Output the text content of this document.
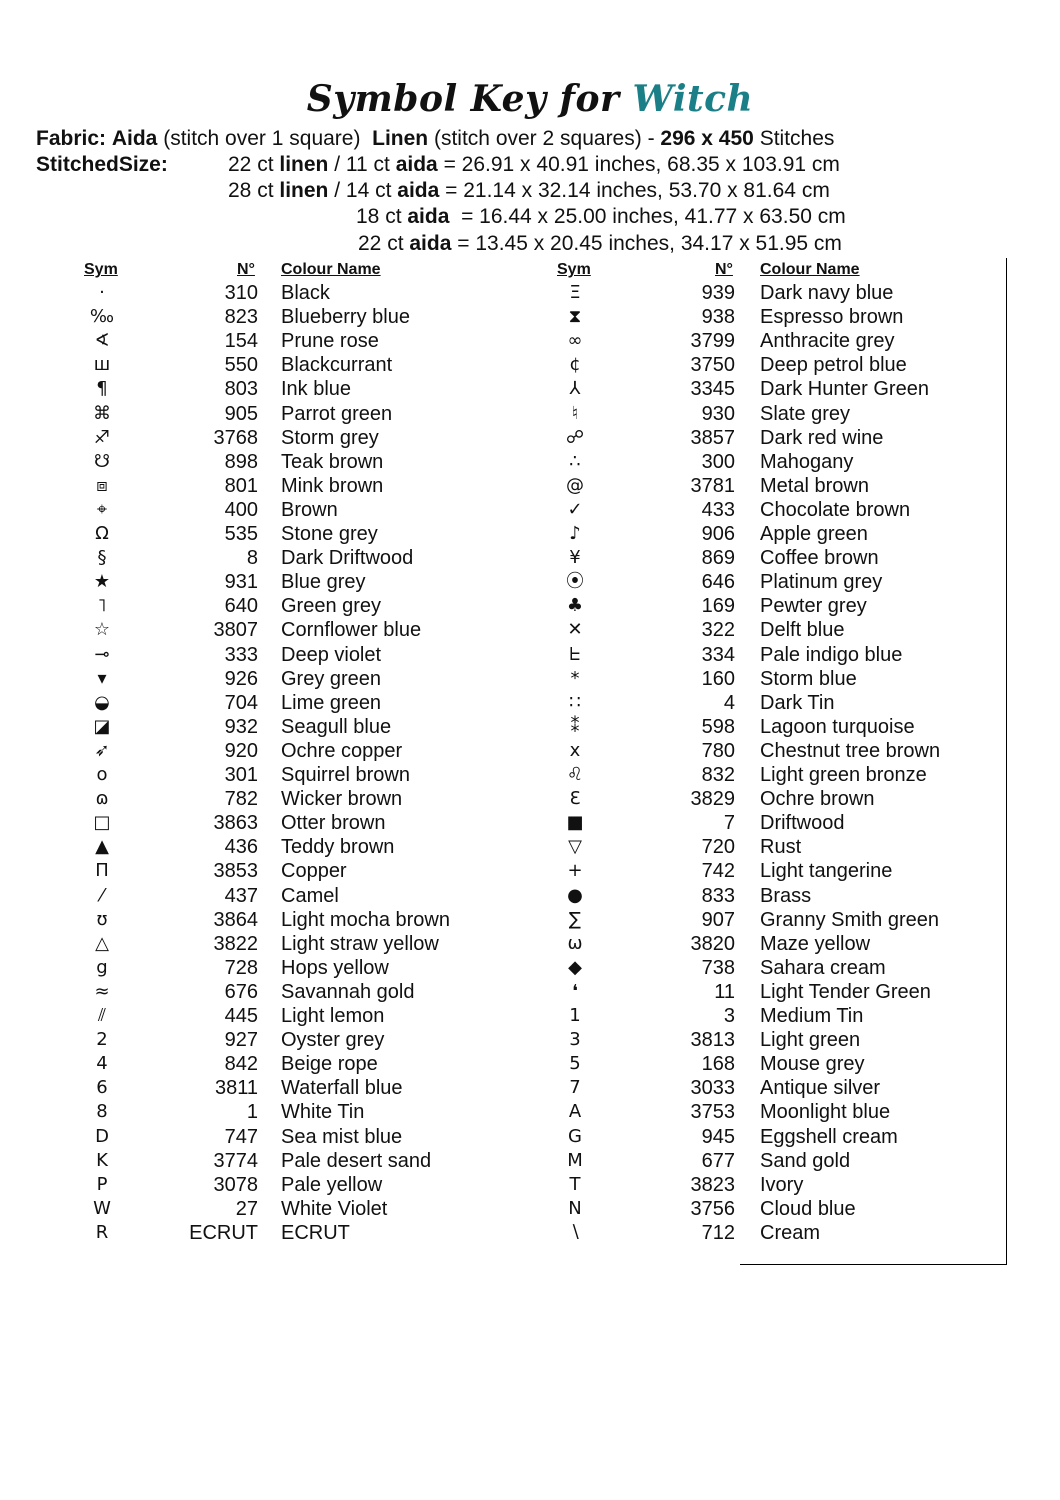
Symbol Key for Witch
Fabric: Aida (stitch over 1 square) Linen (stitch over 2 squares) - 296 x 450 Stitches
StitchedSize:	22 ct linen / 11 ct aida = 26.91 x 40.91 inches, 68.35 x 103.91 cm
28 ct linen / 14 ct aida = 21.14 x 32.14 inches, 53.70 x 81.64 cm
18 ct aida  = 16.44 x 25.00 inches, 41.77 x 63.50 cm
22 ct aida = 13.45 x 20.45 inches, 34.17 x 51.95 cm
Sym	N° Colour Name	Sym	N° Colour Name
·	310 Black
‰	823 Blueberry blue
∢	154 Prune rose
ш	550 Blackcurrant
¶	803 Ink blue
⌘	905 Parrot green
♐	3768 Storm grey
☋	898 Teak brown
⧈	801 Mink brown
⌖	400 Brown
Ω	535 Stone grey
§	8 Dark Driftwood
★	931 Blue grey
˥	640 Green grey
☆	3807 Cornflower blue
⊸	333 Deep violet
▾	926 Grey green
◒	704 Lime green
◪	932 Seagull blue
➶	920 Ochre copper
o	301 Squirrel brown
ɷ	782 Wicker brown
□	3863 Otter brown
▲	436 Teddy brown
Π	3853 Copper
⁄	437 Camel
ʊ	3864 Light mocha brown
△	3822 Light straw yellow
g	728 Hops yellow
≈	676 Savannah gold
⫽	445 Light lemon
2	927 Oyster grey
4	842 Beige rope
6	3811 Waterfall blue
8	1 White Tin
D	747 Sea mist blue
K	3774 Pale desert sand
P	3078 Pale yellow
W	27 White Violet
R	ECRUT ECRUT
Ξ	939 Dark navy blue
⧗	938 Espresso brown
∞	3799 Anthracite grey
¢	3750 Deep petrol blue
⅄	3345 Dark Hunter Green
♮	930 Slate grey
☍	3857 Dark red wine
∴	300 Mahogany
@	3781 Metal brown
✓	433 Chocolate brown
♪	906 Apple green
¥	869 Coffee brown
⦿	646 Platinum grey
♣	169 Pewter grey
✕	322 Delft blue
ᖶ	334 Pale indigo blue
*	160 Storm blue
∷	4 Dark Tin
⁑	598 Lagoon turquoise
x	780 Chestnut tree brown
♌	832 Light green bronze
Ɛ	3829 Ochre brown
■	7 Driftwood
▽	720 Rust
+	742 Light tangerine
●	833 Brass
∑	907 Granny Smith green
ω	3820 Maze yellow
◆	738 Sahara cream
❛	11 Light Tender Green
1	3 Medium Tin
3	3813 Light green
5	168 Mouse grey
7	3033 Antique silver
A	3753 Moonlight blue
G	945 Eggshell cream
M	677 Sand gold
T	3823 Ivory
N	3756 Cloud blue
∖	712 Cream
